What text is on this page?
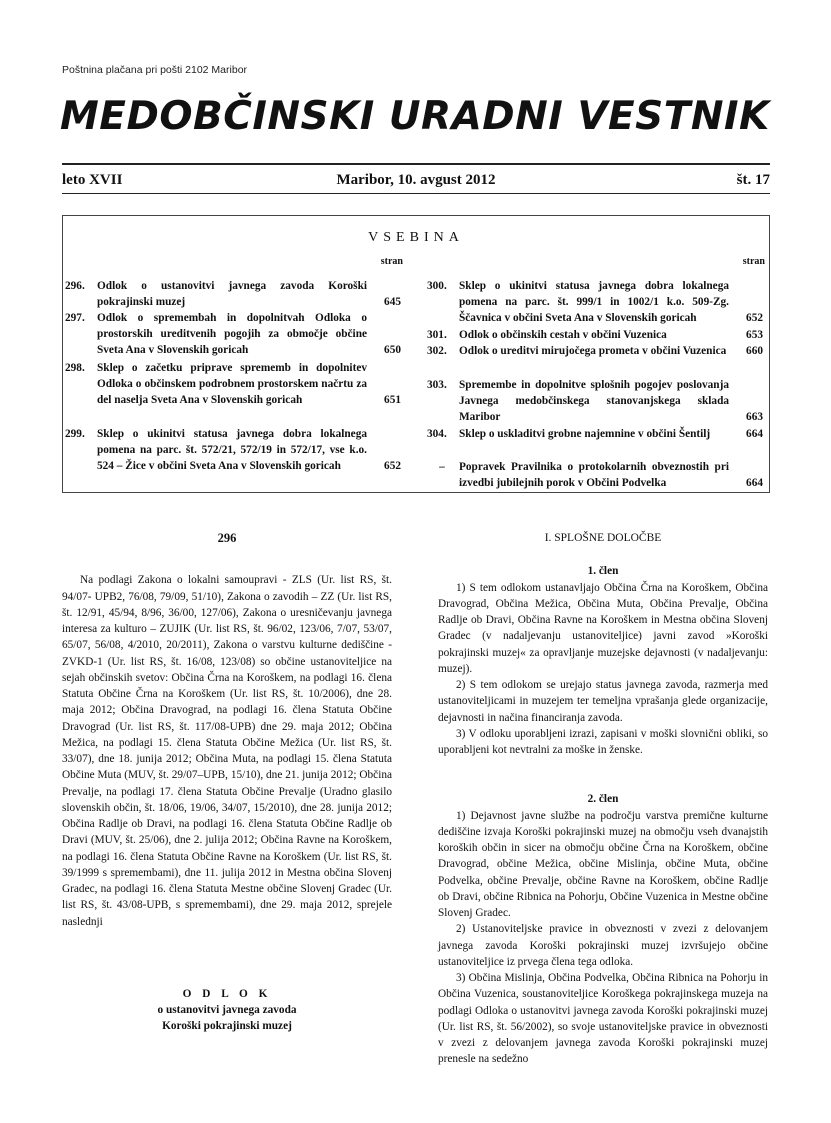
Poštnina plačana pri pošti 2102 Maribor
MEDOBČINSKI URADNI VESTNIK
leto XVII	Maribor, 10. avgust 2012	št. 17
VSEBINA
stran
296.	Odlok o ustanovitvi javnega zavoda Koroški pokrajinski muzej	645
297.	Odlok o spremembah in dopolnitvah Odloka o prostorskih ureditvenih pogojih za območje občine Sveta Ana v Slovenskih goricah	650
298.	Sklep o začetku priprave sprememb in dopolnitev Odloka o občinskem podrobnem prostorskem načrtu za del naselja Sveta Ana v Slovenskih goricah	651
299.	Sklep o ukinitvi statusa javnega dobra lokalnega pomena na parc. št. 572/21, 572/19 in 572/17, vse k.o. 524 – Žice v občini Sveta Ana v Slovenskih goricah	652
stran
300.	Sklep o ukinitvi statusa javnega dobra lokalnega pomena na parc. št. 999/1 in 1002/1 k.o. 509-Zg. Ščavnica v občini Sveta Ana v Slovenskih goricah	652
301.	Odlok o občinskih cestah v občini Vuzenica	653
302.	Odlok o ureditvi mirujočega prometa v občini Vuzenica 660
303.	Spremembe in dopolnitve splošnih pogojev poslovanja Javnega medobčinskega stanovanjskega sklada Maribor	663
304.	Sklep o uskladitvi grobne najemnine v občini Šentilj	664
–	Popravek Pravilnika o protokolarnih obveznostih pri izvedbi jubilejnih porok v Občini Podvelka	664
296

Na podlagi Zakona o lokalni samoupravi - ZLS (Ur. list RS, št. 94/07- UPB2, 76/08, 79/09, 51/10), Zakona o zavodih – ZZ (Ur. list RS, št. 12/91, 45/94, 8/96, 36/00, 127/06), Zakona o uresničevanju javnega interesa za kulturo – ZUJIK (Ur. list RS, št. 96/02, 123/06, 7/07, 53/07, 65/07, 56/08, 4/2010, 20/2011), Zakona o varstvu kulturne dediščine - ZVKD-1 (Ur. list RS, št. 16/08, 123/08) so občine ustanoviteljice na sejah občinskih svetov: Občina Črna na Koroškem, na podlagi 16. člena Statuta Občine Črna na Koroškem (Ur. list RS, št. 10/2006), dne 28. maja 2012; Občina Dravograd, na podlagi 16. člena Statuta Občine Dravograd (Ur. list RS, št. 117/08-UPB) dne 29. maja 2012; Občina Mežica, na podlagi 15. člena Statuta Občine Mežica (Ur. list RS, št. 33/07), dne 18. junija 2012; Občina Muta, na podlagi 15. člena Statuta Občine Muta (MUV, št. 29/07–UPB, 15/10), dne 21. junija 2012; Občina Prevalje, na podlagi 17. člena Statuta Občine Prevalje (Uradno glasilo slovenskih občin, št. 18/06, 19/06, 34/07, 15/2010), dne 28. junija 2012; Občina Radlje ob Dravi, na podlagi 16. člena Statuta Občine Radlje ob Dravi (MUV, št. 25/06), dne 2. julija 2012; Občina Ravne na Koroškem, na podlagi 16. člena Statuta Občine Ravne na Koroškem (Ur. list RS, št. 39/1999 s spremembami), dne 11. julija 2012 in Mestna občina Slovenj Gradec, na podlagi 16. člena Statuta Mestne občine Slovenj Gradec (Ur. list RS, št. 43/08-UPB, s spremembami), dne 29. maja 2012, sprejele naslednji

O D L O K
o ustanovitvi javnega zavoda
Koroški pokrajinski muzej
I. SPLOŠNE DOLOČBE
1. člen

1) S tem odlokom ustanavljajo Občina Črna na Koroškem, Občina Dravograd, Občina Mežica, Občina Muta, Občina Prevalje, Občina Radlje ob Dravi, Občina Ravne na Koroškem in Mestna občina Slovenj Gradec (v nadaljevanju ustanoviteljice) javni zavod »Koroški pokrajinski muzej« za opravljanje muzejske dejavnosti (v nadaljevanju: muzej).

2) S tem odlokom se urejajo status javnega zavoda, razmerja med ustanoviteljicami in muzejem ter temeljna vprašanja glede organizacije, dejavnosti in načina financiranja zavoda.

3) V odloku uporabljeni izrazi, zapisani v moški slovnični obliki, so uporabljeni kot nevtralni za moške in ženske.

2. člen

1) Dejavnost javne službe na področju varstva premične kulturne dediščine izvaja Koroški pokrajinski muzej na območju vseh dvanajstih koroških občin in sicer na območju občine Črna na Koroškem, občine Dravograd, občine Mežica, občine Mislinja, občine Muta, občine Podvelka, občine Prevalje, občine Ravne na Koroškem, občine Radlje ob Dravi, občine Ribnica na Pohorju, Občine Vuzenica in Mestne občine Slovenj Gradec.

2) Ustanoviteljske pravice in obveznosti v zvezi z delovanjem javnega zavoda Koroški pokrajinski muzej izvršujejo občine ustanoviteljice iz prvega člena tega odloka.

3) Občina Mislinja, Občina Podvelka, Občina Ribnica na Pohorju in Občina Vuzenica, soustanoviteljice Koroškega pokrajinskega muzeja na podlagi Odloka o ustanovitvi javnega zavoda Koroški pokrajinski muzej (Ur. list RS, št. 56/2002), so svoje ustanoviteljske pravice in obveznosti v zvezi z delovanjem javnega zavoda Koroški pokrajinski muzej prenesle na sedežno
